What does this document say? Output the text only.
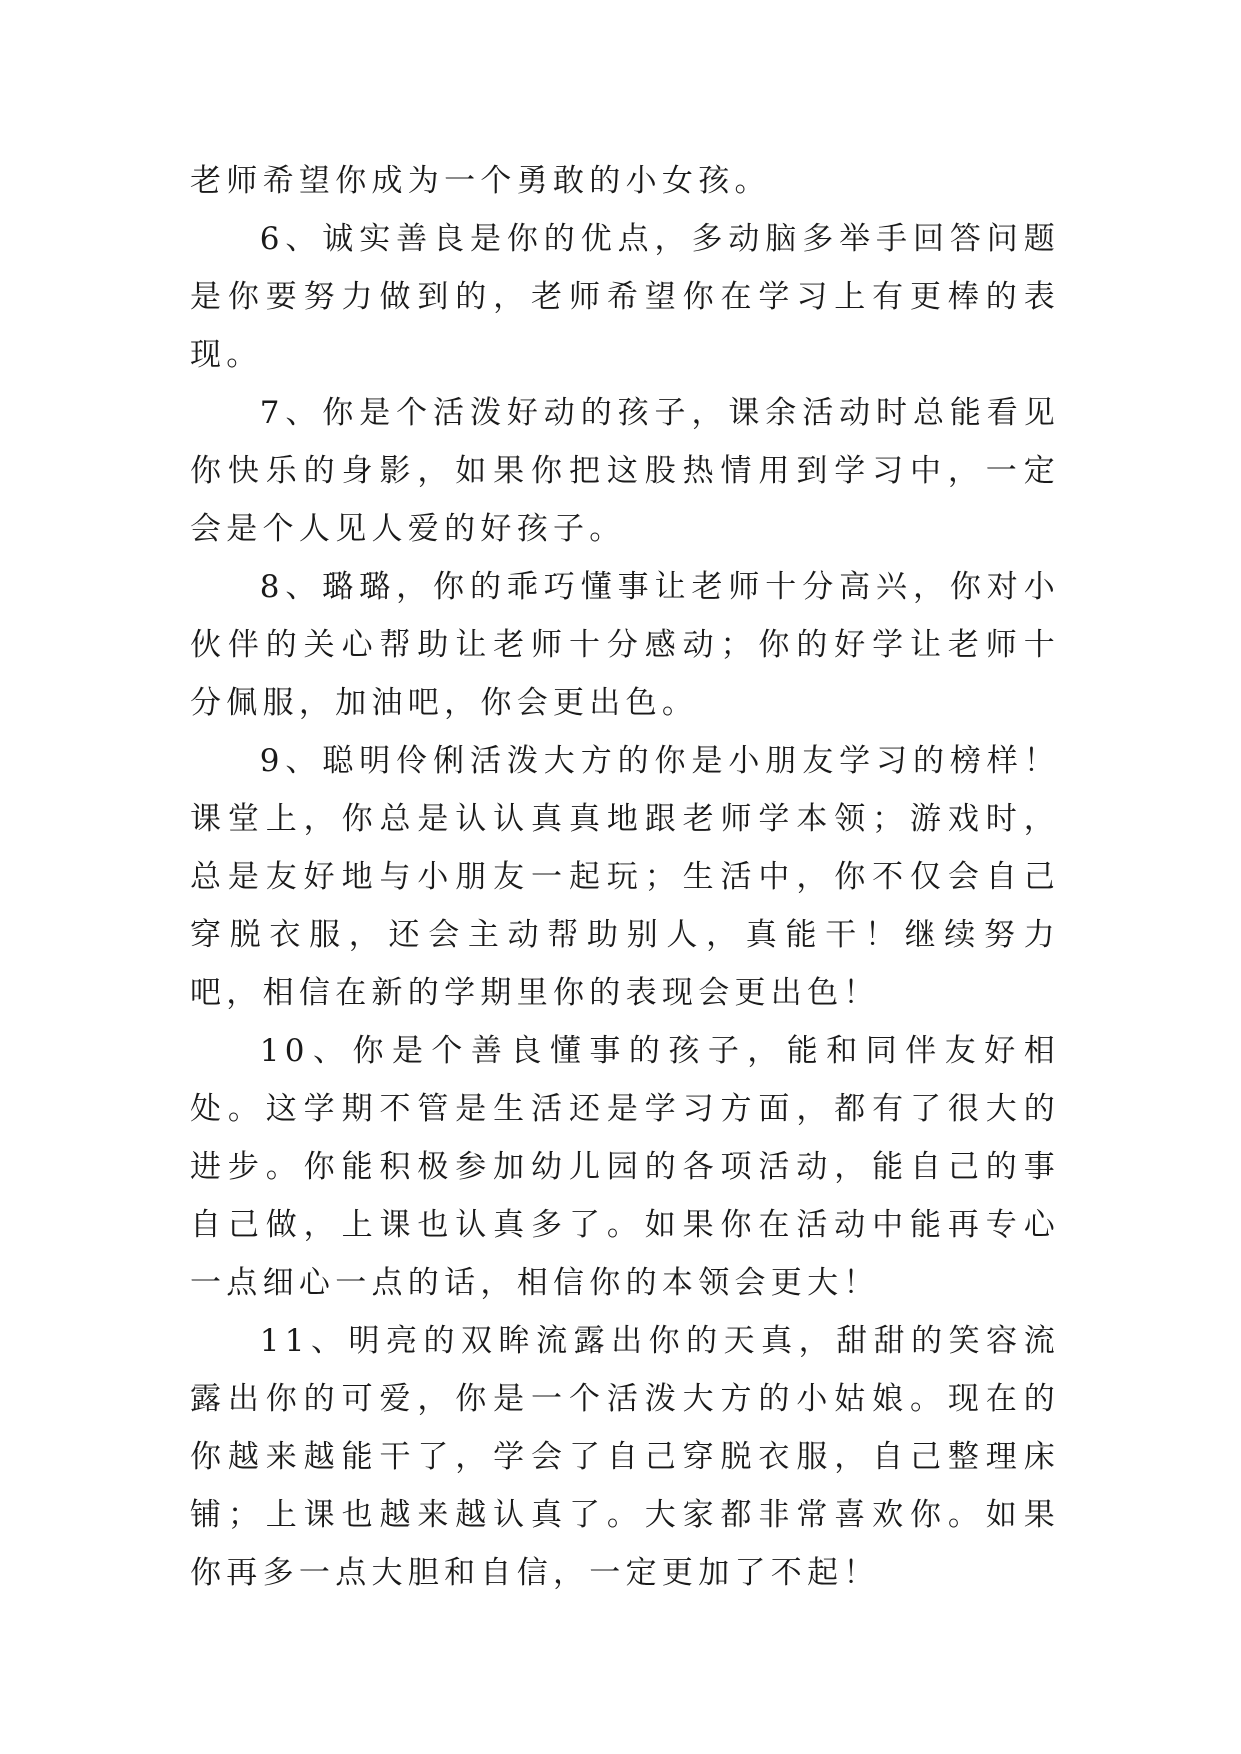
老师希望你成为一个勇敢的小女孩。

6、诚实善良是你的优点，多动脑多举手回答问题是你要努力做到的，老师希望你在学习上有更棒的表现。

7、你是个活泼好动的孩子，课余活动时总能看见你快乐的身影，如果你把这股热情用到学习中，一定会是个人见人爱的好孩子。

8、璐璐，你的乖巧懂事让老师十分高兴，你对小伙伴的关心帮助让老师十分感动；你的好学让老师十分佩服，加油吧，你会更出色。

9、聪明伶俐活泼大方的你是小朋友学习的榜样！课堂上，你总是认认真真地跟老师学本领；游戏时，总是友好地与小朋友一起玩；生活中，你不仅会自己穿脱衣服，还会主动帮助别人，真能干！继续努力吧，相信在新的学期里你的表现会更出色！

10、你是个善良懂事的孩子，能和同伴友好相处。这学期不管是生活还是学习方面，都有了很大的进步。你能积极参加幼儿园的各项活动，能自己的事自己做，上课也认真多了。如果你在活动中能再专心一点细心一点的话，相信你的本领会更大！

11、明亮的双眸流露出你的天真，甜甜的笑容流露出你的可爱，你是一个活泼大方的小姑娘。现在的你越来越能干了，学会了自己穿脱衣服，自己整理床铺；上课也越来越认真了。大家都非常喜欢你。如果你再多一点大胆和自信，一定更加了不起！
